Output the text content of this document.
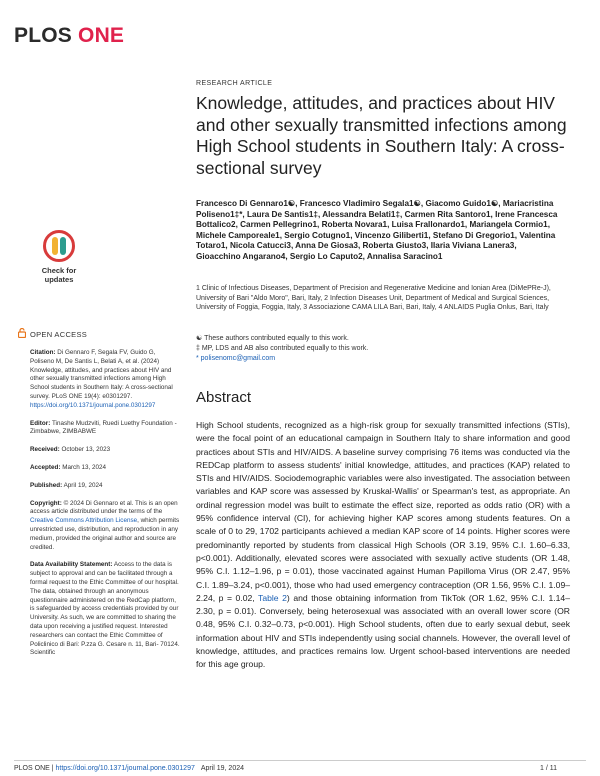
PLOS ONE
RESEARCH ARTICLE
Knowledge, attitudes, and practices about HIV and other sexually transmitted infections among High School students in Southern Italy: A cross-sectional survey
Francesco Di Gennaro1☯, Francesco Vladimiro Segala1☯, Giacomo Guido1☯, Mariacristina Poliseno1‡*, Laura De Santis1‡, Alessandra Belati1‡, Carmen Rita Santoro1, Irene Francesca Bottalico2, Carmen Pellegrino1, Roberta Novara1, Luisa Frallonardo1, Mariangela Cormio1, Michele Camporeale1, Sergio Cotugno1, Vincenzo Giliberti1, Stefano Di Gregorio1, Valentina Totaro1, Nicola Catucci3, Anna De Giosa3, Roberta Giusto3, Ilaria Viviana Lanera3, Gioacchino Angarano4, Sergio Lo Caputo2, Annalisa Saracino1
1 Clinic of Infectious Diseases, Department of Precision and Regenerative Medicine and Ionian Area (DiMePRe-J), University of Bari "Aldo Moro", Bari, Italy, 2 Infection Diseases Unit, Department of Medical and Surgical Sciences, University of Foggia, Foggia, Italy, 3 Associazione CAMA LILA Bari, Bari, Italy, 4 ANLAIDS Puglia Onlus, Bari, Italy
☯ These authors contributed equally to this work.
‡ MP, LDS and AB also contributed equally to this work.
* polisenomc@gmail.com
Abstract
High School students, recognized as a high-risk group for sexually transmitted infections (STIs), were the focal point of an educational campaign in Southern Italy to share information and good practices about STIs and HIV/AIDS. A baseline survey comprising 76 items was conducted via the REDCap platform to assess students' initial knowledge, attitudes, and practices (KAP) related to STIs and HIV/AIDS. Sociodemographic variables were also investigated. The association between variables and KAP score was assessed by Kruskal-Wallis' or Spearman's test, as appropriate. An ordinal regression model was built to estimate the effect size, reported as odds ratio (OR) with a 95% confidence interval (CI), for achieving higher KAP scores among students features. On a scale of 0 to 29, 1702 participants achieved a median KAP score of 14 points. Higher scores were predominantly reported by students from classical High Schools (OR 3.19, 95% C.I. 1.60–6.33, p<0.001). Additionally, elevated scores were associated with sexually active students (OR 1.48, 95% C.I. 1.12–1.96, p = 0.01), those vaccinated against Human Papilloma Virus (OR 2.47, 95% C.I. 1.89–3.24, p<0.001), those who had used emergency contraception (OR 1.56, 95% C.I. 1.09–2.24, p = 0.02, Table 2) and those obtaining information from TikTok (OR 1.62, 95% C.I. 1.14–2.30, p = 0.01). Conversely, being heterosexual was associated with an overall lower score (OR 0.48, 95% C.I. 0.32–0.73, p<0.001). High School students, often due to early sexual debut, seek information about HIV and STIs independently using social channels. However, the overall level of knowledge, attitudes, and practices remains low. Urgent school-based interventions are needed for this age group.
Check for updates
OPEN ACCESS

Citation: Di Gennaro F, Segala FV, Guido G, Poliseno M, De Santis L, Belati A, et al. (2024) Knowledge, attitudes, and practices about HIV and other sexually transmitted infections among High School students in Southern Italy: A cross-sectional survey. PLoS ONE 19(4): e0301297. https://doi.org/10.1371/journal.pone.0301297

Editor: Tinashe Mudzviti, Ruedi Luethy Foundation - Zimbabwe, ZIMBABWE

Received: October 13, 2023

Accepted: March 13, 2024

Published: April 19, 2024

Copyright: © 2024 Di Gennaro et al. This is an open access article distributed under the terms of the Creative Commons Attribution License, which permits unrestricted use, distribution, and reproduction in any medium, provided the original author and source are credited.

Data Availability Statement: Access to the data is subject to approval and can be facilitated through a formal request to the Ethic Committee of our hospital. The data, obtained through an anonymous questionnaire administered on the RedCap platform, is safeguarded by access credentials provided by our University. As such, we are committed to sharing the data upon receiving a justified request. Interested researchers can contact the Ethic Committee of Policlinico di Bari: P.zza G. Cesare n. 11, Bari- 70124. Scientific

PLOS ONE | https://doi.org/10.1371/journal.pone.0301297 April 19, 2024	1 / 11
